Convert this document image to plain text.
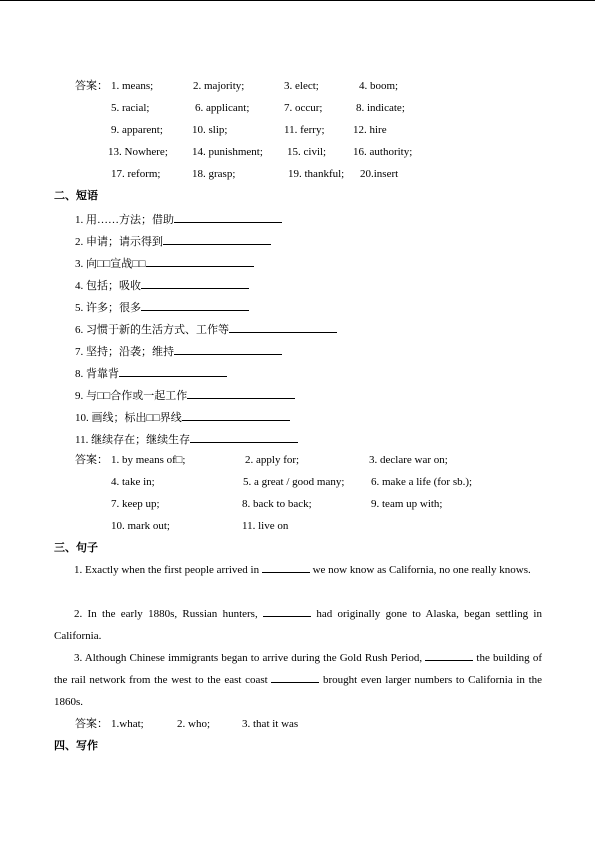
答案： 1. means;	2. majority;	3. elect;	4. boom;
5. racial;	6. applicant;	7. occur;	8. indicate;
9. apparent;	10. slip;	11. ferry;	12. hire
13. Nowhere; 14. punishment; 15. civil; 16. authority;
17. reform;	18. grasp;	19. thankful; 20.insert
二、短语
1. 用……方法；借助
2. 申请；请示得到
3. 向□□宣战□□
4. 包括；吸收
5. 许多；很多
6. 习惯于新的生活方式、工作等
7. 坚持；沿袭；维持
8. 背靠背
9. 与□□合作或一起工作
10. 画线；标出□□界线
11. 继续存在；继续生存
答案： 1. by means of□;	2. apply for;	3. declare war on;
4. take in;	5. a great / good many; 6. make a life (for sb.);
7. keep up;	8. back to back;	9. team up with;
10. mark out;	11. live on
三、句子
1. Exactly when the first people arrived in	we now know as California, no one really knows.
2. In the early 1880s, Russian hunters,	had originally gone to Alaska, began settling in California.
3. Although Chinese immigrants began to arrive during the Gold Rush Period,	the building of the rail network from the west to the east coast	brought even larger numbers to California in the 1860s.
答案： 1.what;	2. who;	3. that it was
四、写作
